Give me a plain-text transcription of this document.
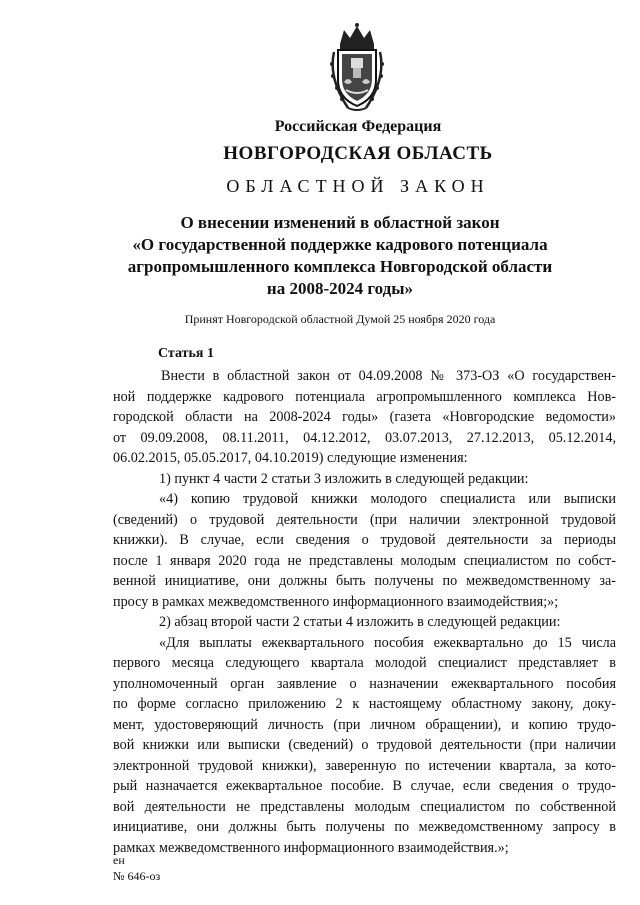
Российская Федерация
НОВГОРОДСКАЯ ОБЛАСТЬ
ОБЛАСТНОЙ ЗАКОН
О внесении изменений в областной закон
«О государственной поддержке кадрового потенциала
агропромышленного комплекса Новгородской области
на 2008-2024 годы»
Принят Новгородской областной Думой 25 ноября 2020 года
Статья 1
Внести в областной закон от 04.09.2008 № 373-ОЗ «О государствен-
ной поддержке кадрового потенциала агропромышленного комплекса Нов-
городской области на 2008-2024 годы» (газета «Новгородские ведомости»
от 09.09.2008, 08.11.2011, 04.12.2012, 03.07.2013, 27.12.2013, 05.12.2014,
06.02.2015, 05.05.2017, 04.10.2019) следующие изменения:
1) пункт 4 части 2 статьи 3 изложить в следующей редакции:
«4) копию трудовой книжки молодого специалиста или выписки
(сведений) о трудовой деятельности (при наличии электронной трудовой
книжки). В случае, если сведения о трудовой деятельности за периоды
после 1 января 2020 года не представлены молодым специалистом по собст-
венной инициативе, они должны быть получены по межведомственному за-
просу в рамках межведомственного информационного взаимодействия;»;
2) абзац второй части 2 статьи 4 изложить в следующей редакции:
«Для выплаты ежеквартального пособия ежеквартально до 15 числа
первого месяца следующего квартала молодой специалист представляет в
уполномоченный орган заявление о назначении ежеквартального пособия
по форме согласно приложению 2 к настоящему областному закону, доку-
мент, удостоверяющий личность (при личном обращении), и копию трудо-
вой книжки или выписки (сведений) о трудовой деятельности (при наличии
электронной трудовой книжки), заверенную по истечении квартала, за кото-
рый назначается ежеквартальное пособие. В случае, если сведения о трудо-
вой деятельности не представлены молодым специалистом по собственной
инициативе, они должны быть получены по межведомственному запросу в
рамках межведомственного информационного взаимодействия.»;
ен
№ 646-оз
